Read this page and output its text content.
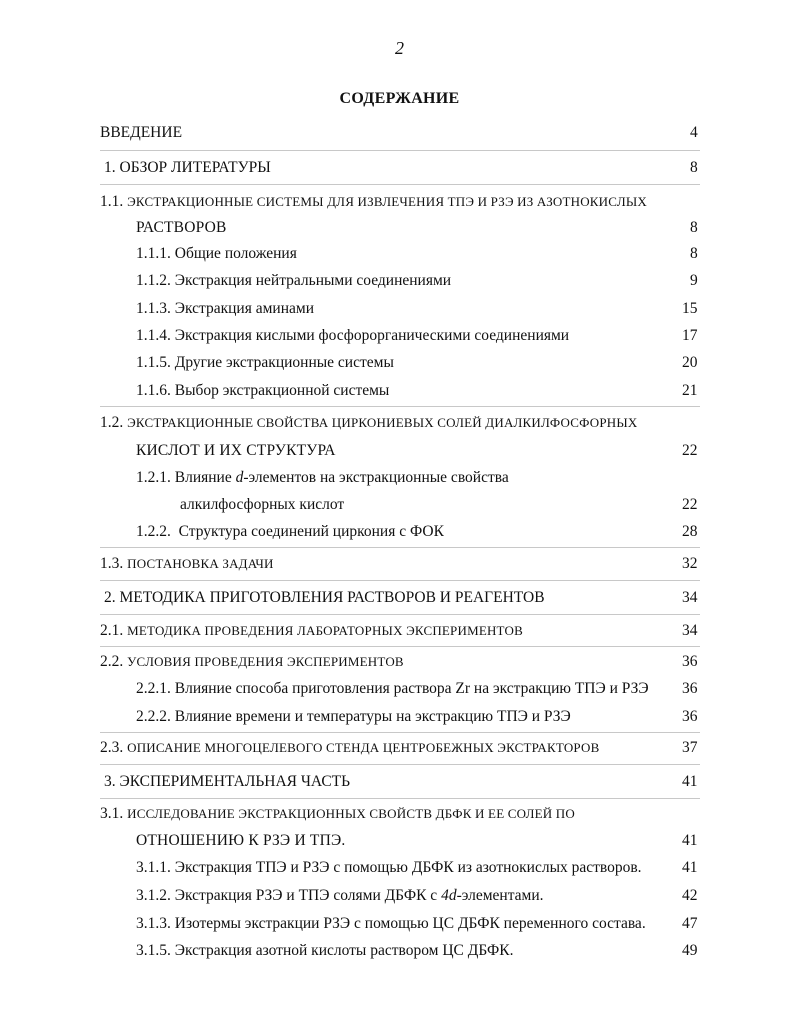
2
СОДЕРЖАНИЕ
ВВЕДЕНИЕ	4
1. ОБЗОР ЛИТЕРАТУРЫ	8
1.1. ЭКСТРАКЦИОННЫЕ СИСТЕМЫ ДЛЯ ИЗВЛЕЧЕНИЯ ТПЭ И РЗЭ ИЗ АЗОТНОКИСЛЫХ
РАСТВОРОВ	8
1.1.1. Общие положения	8
1.1.2. Экстракция нейтральными соединениями	9
1.1.3. Экстракция аминами	15
1.1.4. Экстракция кислыми фосфорорганическими соединениями	17
1.1.5. Другие экстракционные системы	20
1.1.6. Выбор экстракционной системы	21
1.2. ЭКСТРАКЦИОННЫЕ СВОЙСТВА ЦИРКОНИЕВЫХ СОЛЕЙ ДИАЛКИЛФОСФОРНЫХ
КИСЛОТ И ИХ СТРУКТУРА	22
1.2.1. Влияние d-элементов на экстракционные свойства
алкилфосфорных кислот	22
1.2.2. Структура соединений циркония с ФОК	28
1.3. ПОСТАНОВКА ЗАДАЧИ	32
2. МЕТОДИКА ПРИГОТОВЛЕНИЯ РАСТВОРОВ И РЕАГЕНТОВ	34
2.1. МЕТОДИКА ПРОВЕДЕНИЯ ЛАБОРАТОРНЫХ ЭКСПЕРИМЕНТОВ	34
2.2. УСЛОВИЯ ПРОВЕДЕНИЯ ЭКСПЕРИМЕНТОВ	36
2.2.1. Влияние способа приготовления раствора Zr на экстракцию ТПЭ и РЗЭ 36
2.2.2. Влияние времени и температуры на экстракцию ТПЭ и РЗЭ	36
2.3. ОПИСАНИЕ МНОГОЦЕЛЕВОГО СТЕНДА ЦЕНТРОБЕЖНЫХ ЭКСТРАКТОРОВ	37
3. ЭКСПЕРИМЕНТАЛЬНАЯ ЧАСТЬ	41
3.1. ИССЛЕДОВАНИЕ ЭКСТРАКЦИОННЫХ СВОЙСТВ ДБФК И ЕЕ СОЛЕЙ ПО
ОТНОШЕНИЮ К РЗЭ И ТПЭ.	41
3.1.1. Экстракция ТПЭ и РЗЭ с помощью ДБФК из азотнокислых растворов.	41
3.1.2. Экстракция РЗЭ и ТПЭ солями ДБФК с 4d-элементами.	42
3.1.3. Изотермы экстракции РЗЭ с помощью ЦС ДБФК переменного состава. 47
3.1.5. Экстракция азотной кислоты раствором ЦС ДБФК.	49
